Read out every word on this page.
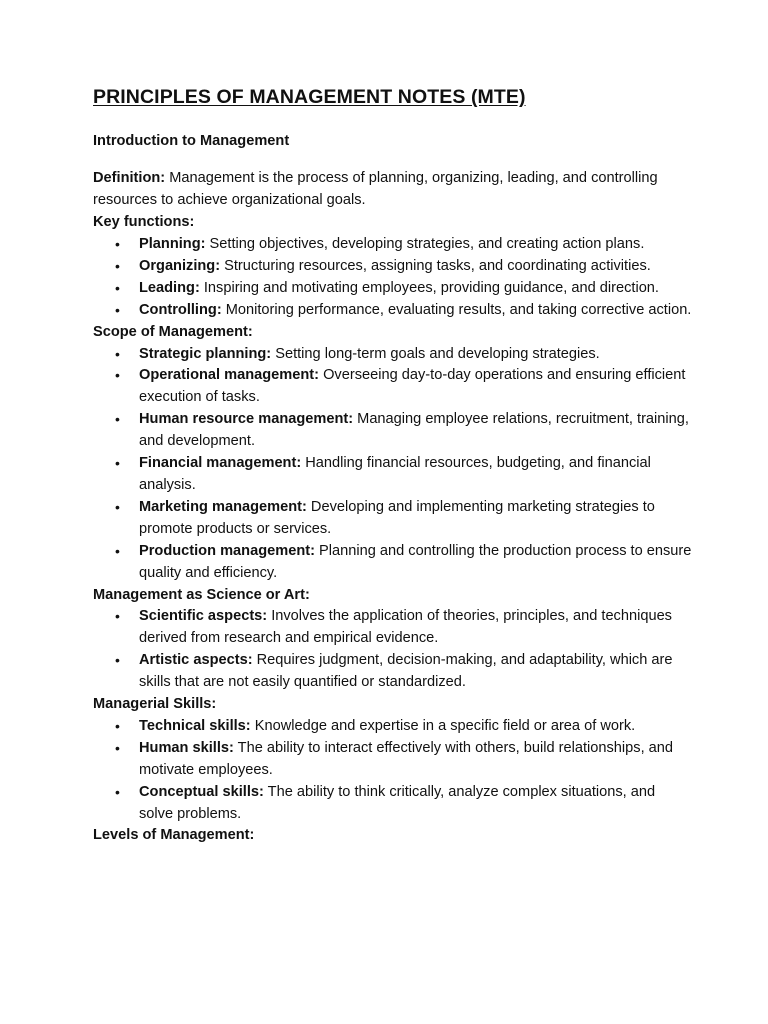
PRINCIPLES OF MANAGEMENT NOTES (MTE)
Introduction to Management

Definition: Management is the process of planning, organizing, leading, and controlling resources to achieve organizational goals.

Key functions:
• Planning: Setting objectives, developing strategies, and creating action plans.
• Organizing: Structuring resources, assigning tasks, and coordinating activities.
• Leading: Inspiring and motivating employees, providing guidance, and direction.
• Controlling: Monitoring performance, evaluating results, and taking corrective action.
Scope of Management:
• Strategic planning: Setting long-term goals and developing strategies.
• Operational management: Overseeing day-to-day operations and ensuring efficient execution of tasks.
• Human resource management: Managing employee relations, recruitment, training, and development.
• Financial management: Handling financial resources, budgeting, and financial analysis.
• Marketing management: Developing and implementing marketing strategies to promote products or services.
• Production management: Planning and controlling the production process to ensure quality and efficiency.
Management as Science or Art:
• Scientific aspects: Involves the application of theories, principles, and techniques derived from research and empirical evidence.
• Artistic aspects: Requires judgment, decision-making, and adaptability, which are skills that are not easily quantified or standardized.
Managerial Skills:
• Technical skills: Knowledge and expertise in a specific field or area of work.
• Human skills: The ability to interact effectively with others, build relationships, and motivate employees.
• Conceptual skills: The ability to think critically, analyze complex situations, and solve problems.
Levels of Management:
